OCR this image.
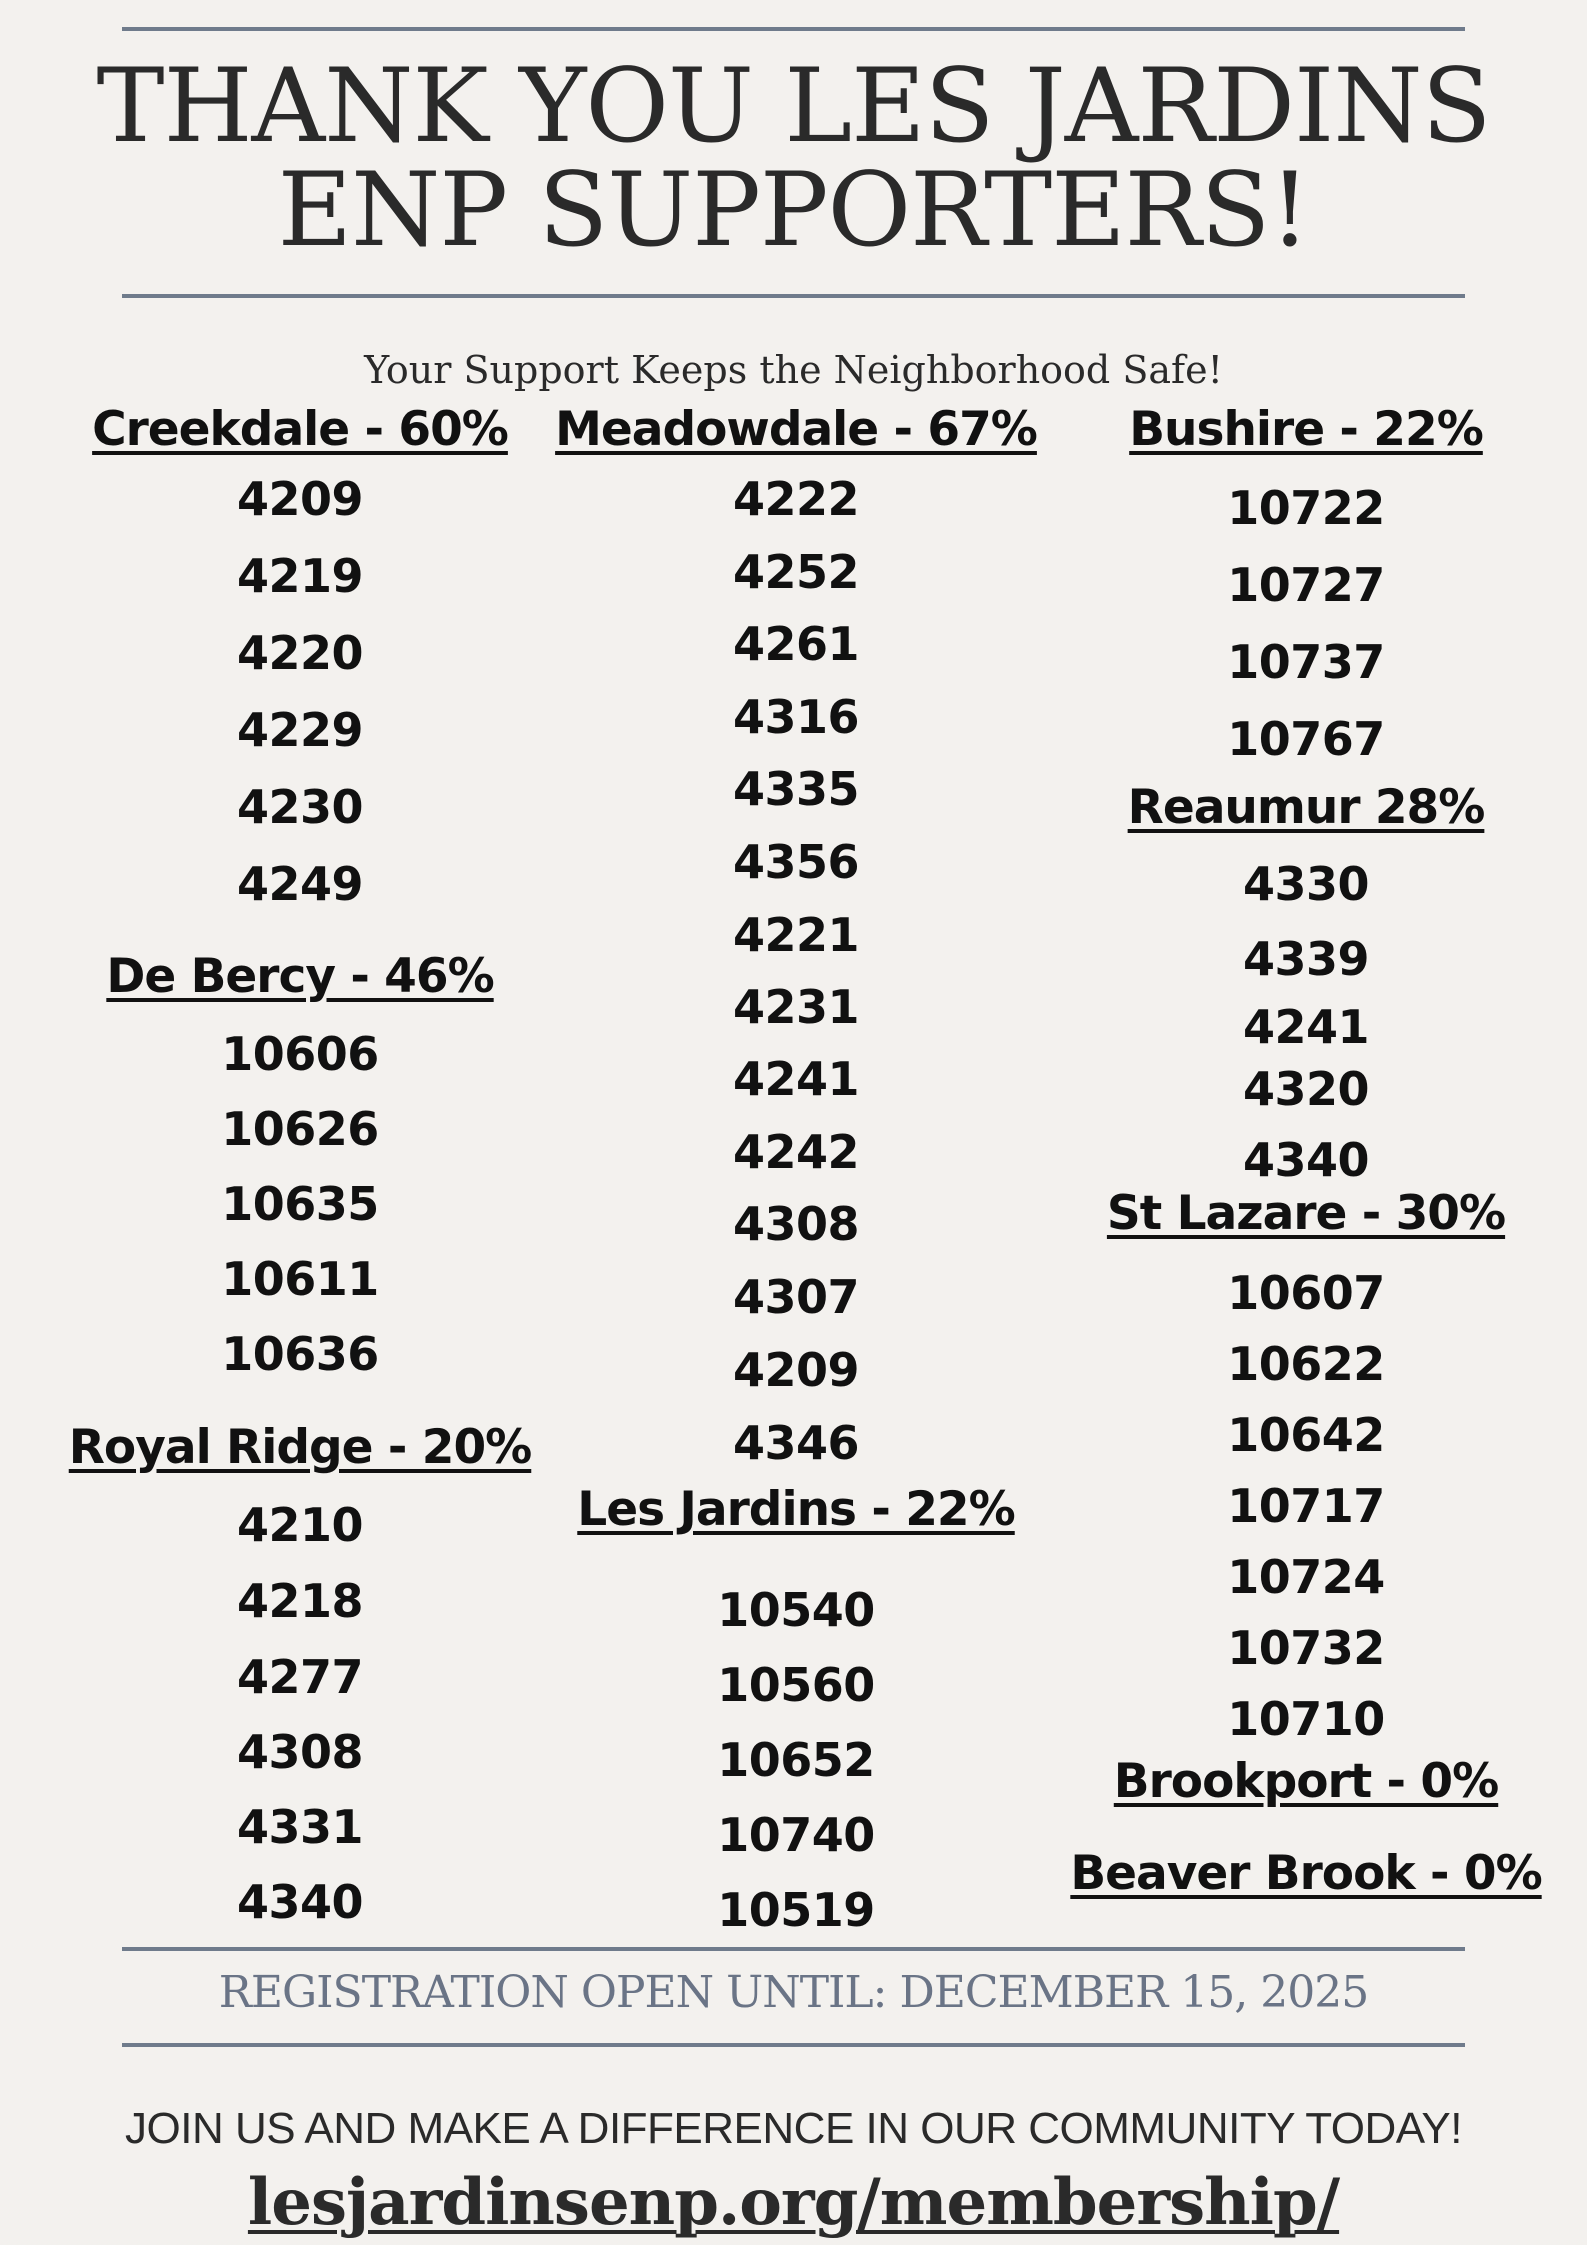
THANK YOU LES JARDINS
ENP SUPPORTERS!
Your Support Keeps the Neighborhood Safe!
Creekdale - 60%
4209
4219
4220
4229
4230
4249
De Bercy - 46%
10606
10626
10635
10611
10636
Royal Ridge - 20%
4210
4218
4277
4308
4331
4340
Meadowdale - 67%
4222
4252
4261
4316
4335
4356
4221
4231
4241
4242
4308
4307
4209
4346
Les Jardins - 22%
10540
10560
10652
10740
10519
Bushire - 22%
10722
10727
10737
10767
Reaumur 28%
4330
4339
4241
4320
4340
St Lazare - 30%
10607
10622
10642
10717
10724
10732
10710
Brookport - 0%
Beaver Brook - 0%
REGISTRATION OPEN UNTIL: DECEMBER 15, 2025
JOIN US AND MAKE A DIFFERENCE IN OUR COMMUNITY TODAY!
lesjardinsenp.org/membership/
